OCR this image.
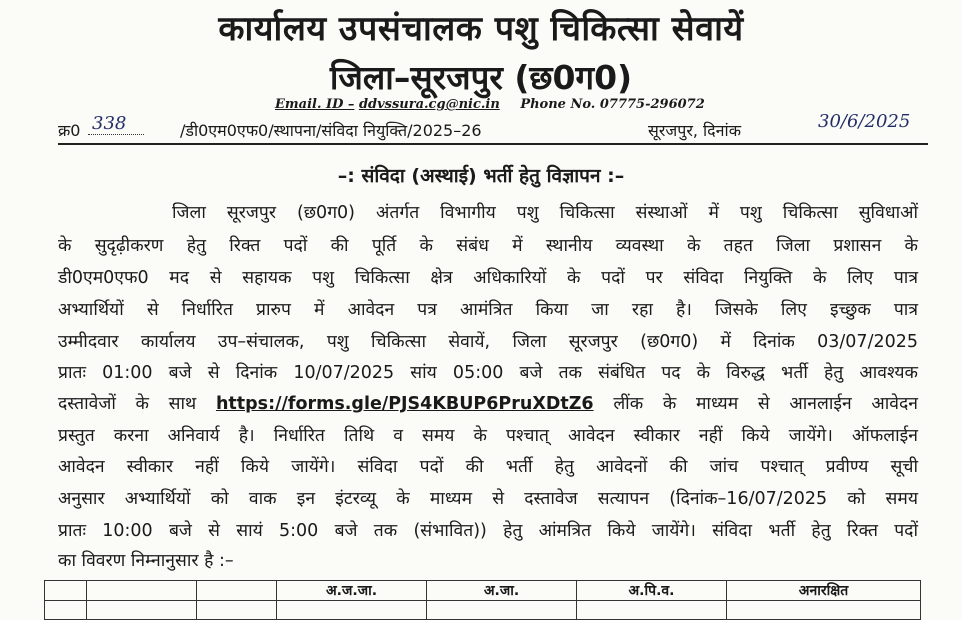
कार्यालय उपसंचालक पशु चिकित्सा सेवायें
जिला–सूरजपुर (छ0ग0)
Email. ID – ddvssura.cg@nic.in Phone No. 07775-296072
क्र0 338	/डी0एम0एफ0/स्थापना/संविदा नियुक्ति/2025–26	सूरजपुर, दिनांक	30/6/2025
–: संविदा (अस्थाई) भर्ती हेतु विज्ञापन :–
जिला सूरजपुर (छ0ग0) अंतर्गत विभागीय पशु चिकित्सा संस्थाओं में पशु चिकित्सा सुविधाओं
के सुदृढ़ीकरण हेतु रिक्त पदों की पूर्ति के संबंध में स्थानीय व्यवस्था के तहत जिला प्रशासन के
डी0एम0एफ0 मद से सहायक पशु चिकित्सा क्षेत्र अधिकारियों के पदों पर संविदा नियुक्ति के लिए पात्र
अभ्यार्थियों से निर्धारित प्रारुप में आवेदन पत्र आमंत्रित किया जा रहा है। जिसके लिए इच्छुक पात्र
उम्मीदवार कार्यालय उप–संचालक, पशु चिकित्सा सेवायें, जिला सूरजपुर (छ0ग0) में दिनांक 03/07/2025
प्रातः 01:00 बजे से दिनांक 10/07/2025 सांय 05:00 बजे तक संबंधित पद के विरुद्ध भर्ती हेतु आवश्यक
दस्तावेजों के साथ https://forms.gle/PJS4KBUP6PruXDtZ6 लींक के माध्यम से आनलाईन आवेदन
प्रस्तुत करना अनिवार्य है। निर्धारित तिथि व समय के पश्चात् आवेदन स्वीकार नहीं किये जायेंगे। ऑफलाईन
आवेदन स्वीकार नहीं किये जायेंगे। संविदा पदों की भर्ती हेतु आवेदनों की जांच पश्चात् प्रवीण्य सूची
अनुसार अभ्यार्थियों को वाक इन इंटरव्यू के माध्यम से दस्तावेज सत्यापन (दिनांक–16/07/2025 को समय
प्रातः 10:00 बजे से सायं 5:00 बजे तक (संभावित)) हेतु आंमत्रित किये जायेंगे। संविदा भर्ती हेतु रिक्त पदों
का विवरण निम्नानुसार है :–
			अ.ज.जा.	अ.जा.	अ.पि.व.	अनारक्षित
